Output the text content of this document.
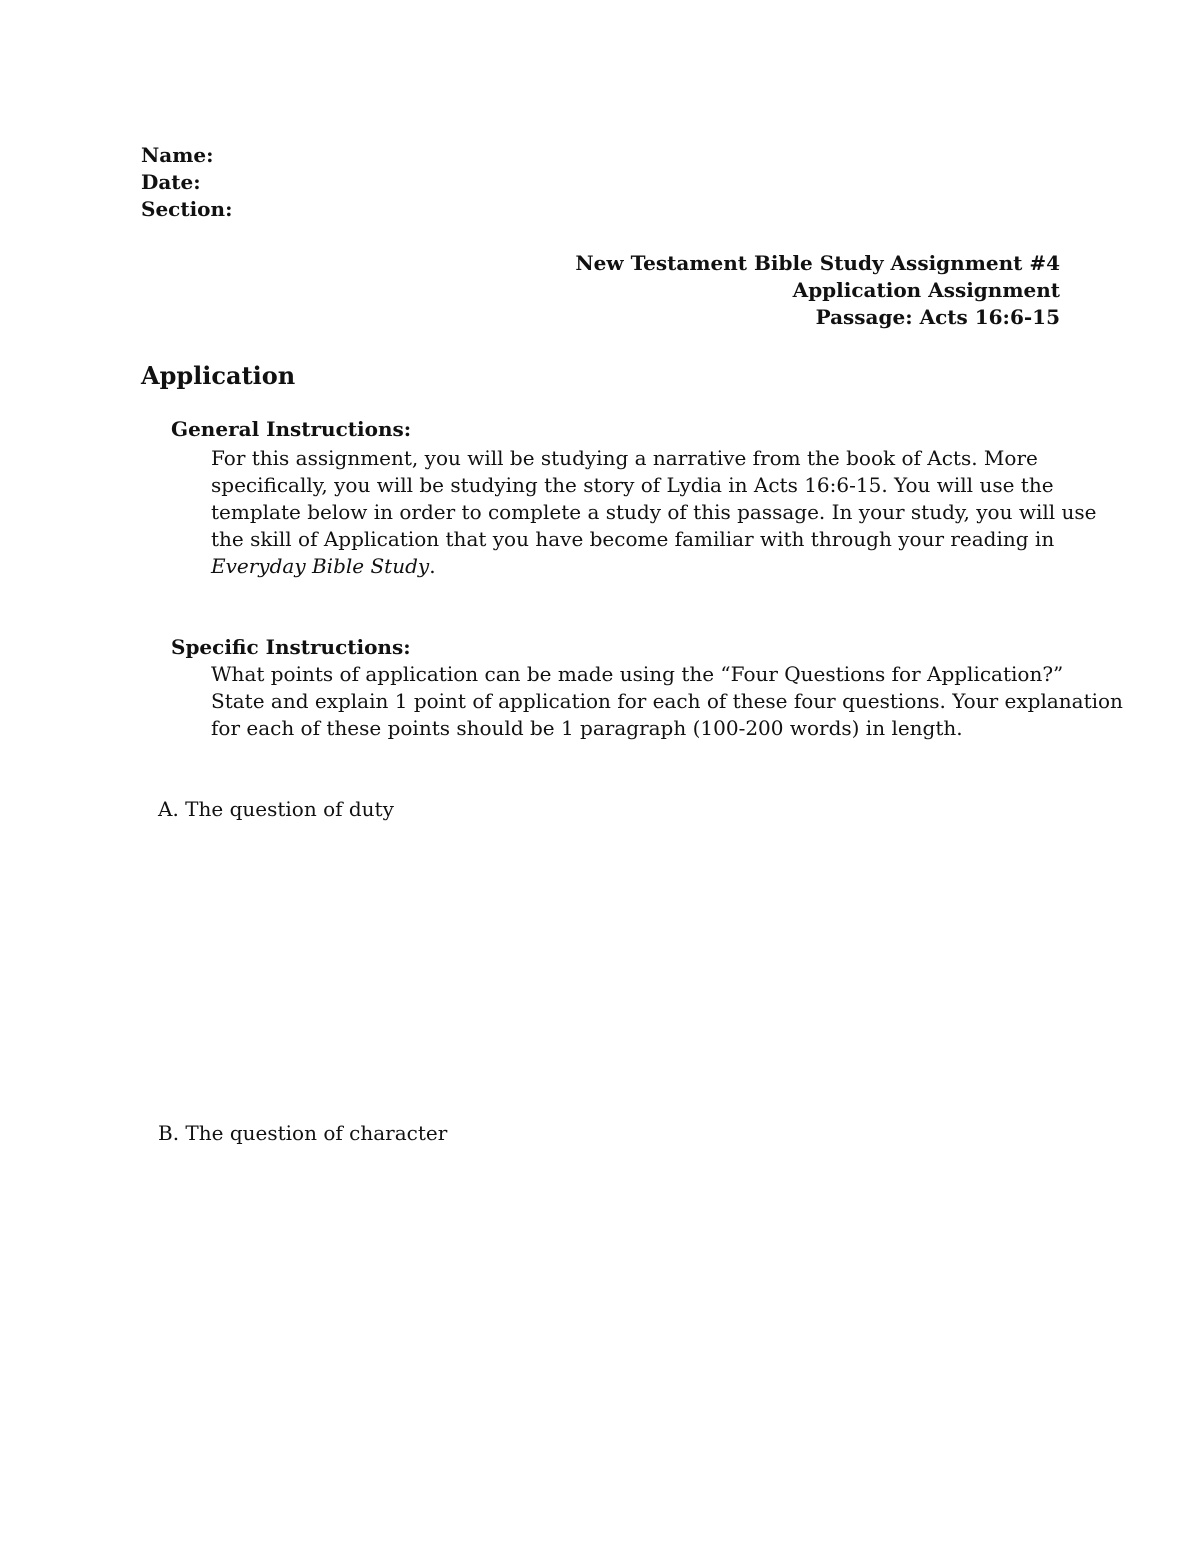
Name:
Date:
Section:
New Testament Bible Study Assignment #4
Application Assignment
Passage: Acts 16:6-15
Application
General Instructions:
For this assignment, you will be studying a narrative from the book of Acts. More
specifically, you will be studying the story of Lydia in Acts 16:6-15. You will use the
template below in order to complete a study of this passage. In your study, you will use
the skill of Application that you have become familiar with through your reading in
Everyday Bible Study.
Specific Instructions:
What points of application can be made using the “Four Questions for Application?”
State and explain 1 point of application for each of these four questions. Your explanation
for each of these points should be 1 paragraph (100-200 words) in length.
A. The question of duty
B. The question of character
